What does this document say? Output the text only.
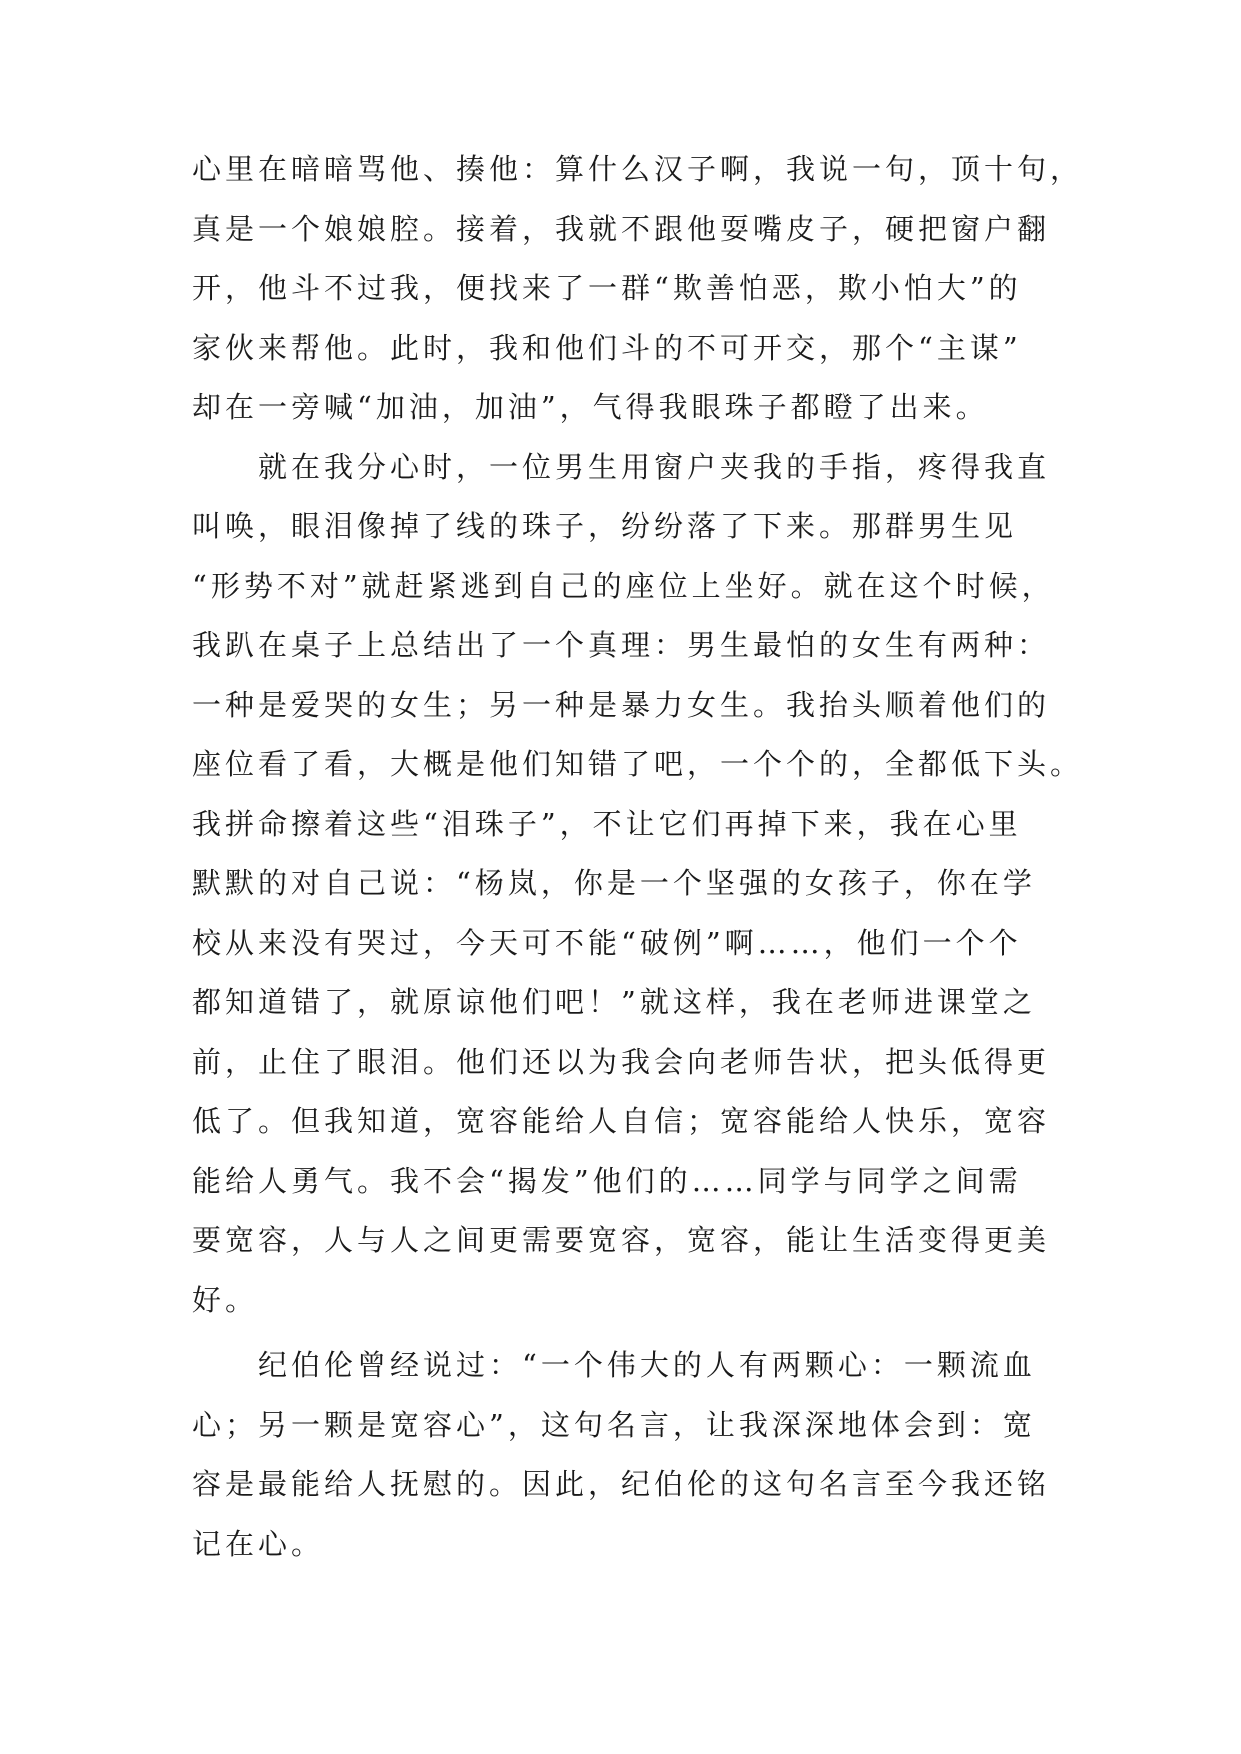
心里在暗暗骂他、揍他：算什么汉子啊，我说一句，顶十句，
真是一个娘娘腔。接着，我就不跟他耍嘴皮子，硬把窗户翻
开，他斗不过我，便找来了一群“欺善怕恶，欺小怕大”的
家伙来帮他。此时，我和他们斗的不可开交，那个“主谋”
却在一旁喊“加油，加油”，气得我眼珠子都瞪了出来。
就在我分心时，一位男生用窗户夹我的手指，疼得我直
叫唤，眼泪像掉了线的珠子，纷纷落了下来。那群男生见
“形势不对”就赶紧逃到自己的座位上坐好。就在这个时候，
我趴在桌子上总结出了一个真理：男生最怕的女生有两种：
一种是爱哭的女生；另一种是暴力女生。我抬头顺着他们的
座位看了看，大概是他们知错了吧，一个个的，全都低下头。
我拼命擦着这些“泪珠子”，不让它们再掉下来，我在心里
默默的对自己说：“杨岚，你是一个坚强的女孩子，你在学
校从来没有哭过，今天可不能“破例”啊……，他们一个个
都知道错了，就原谅他们吧！”就这样，我在老师进课堂之
前，止住了眼泪。他们还以为我会向老师告状，把头低得更
低了。但我知道，宽容能给人自信；宽容能给人快乐，宽容
能给人勇气。我不会“揭发”他们的……同学与同学之间需
要宽容，人与人之间更需要宽容，宽容，能让生活变得更美
好。
纪伯伦曾经说过：“一个伟大的人有两颗心：一颗流血
心；另一颗是宽容心”，这句名言，让我深深地体会到：宽
容是最能给人抚慰的。因此，纪伯伦的这句名言至今我还铭
记在心。
